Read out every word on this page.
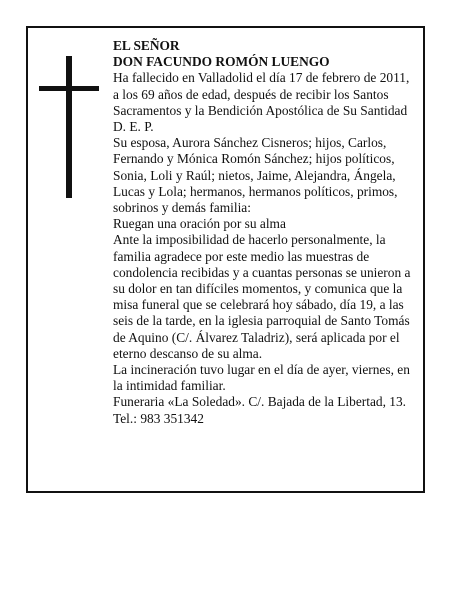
EL SEÑOR

DON FACUNDO ROMÓN LUENGO

Ha fallecido en Valladolid el día 17 de febrero de 2011,
a los 69 años de edad, después de recibir los Santos
Sacramentos y la Bendición Apostólica de Su Santidad
D. E. P.

Su esposa, Aurora Sánchez Cisneros; hijos, Carlos,
Fernando y Mónica Romón Sánchez; hijos políticos,
Sonia, Loli y Raúl; nietos, Jaime, Alejandra, Ángela,
Lucas y Lola; hermanos, hermanos políticos, primos,
sobrinos y demás familia:

Ruegan una oración por su alma

Ante la imposibilidad de hacerlo personalmente, la
familia agradece por este medio las muestras de
condolencia recibidas y a cuantas personas se unieron a
su dolor en tan difíciles momentos, y comunica que la
misa funeral que se celebrará hoy sábado, día 19, a las
seis de la tarde, en la iglesia parroquial de Santo Tomás
de Aquino (C/. Álvarez Taladriz), será aplicada por el
eterno descanso de su alma.

La incineración tuvo lugar en el día de ayer, viernes, en
la intimidad familiar.

Funeraria «La Soledad». C/. Bajada de la Libertad, 13.
Tel.: 983 351342
